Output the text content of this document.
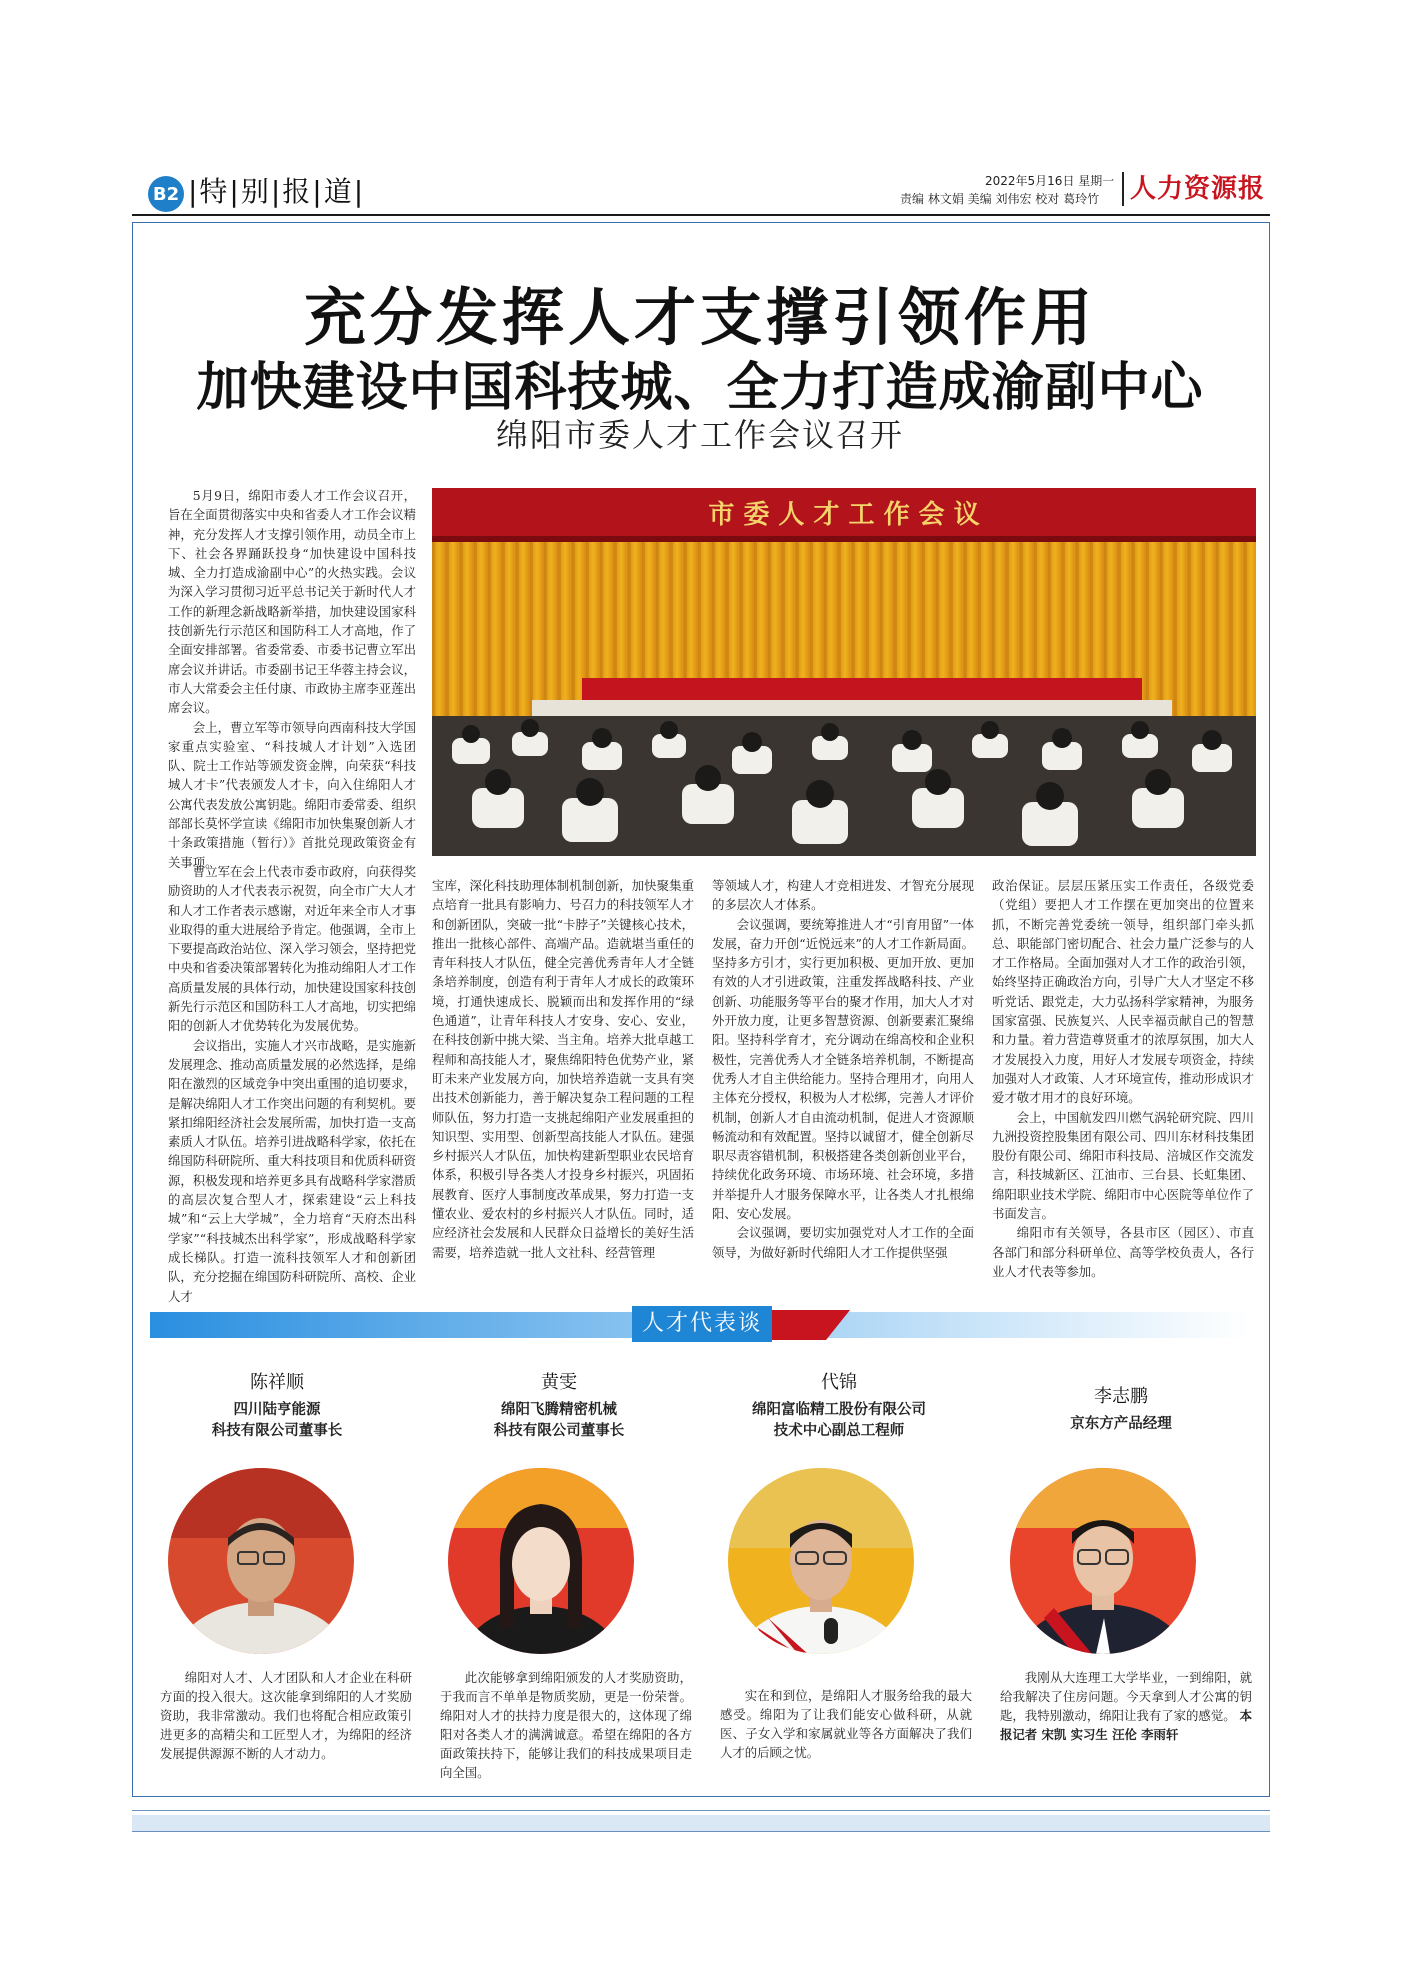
B2 |特|别|报|道|	2022年5月16日 星期一
责编 林文娟 美编 刘伟宏 校对 葛玲竹 人力资源报
充分发挥人才支撑引领作用
加快建设中国科技城、全力打造成渝副中心
绵阳市委人才工作会议召开

5月9日，绵阳市委人才工作会议召开，旨在全面贯彻落实中央和省委人才工作会议精神，充分发挥人才支撑引领作用，动员全市上下、社会各界踊跃投身“加快建设中国科技城、全力打造成渝副中心”的火热实践。会议为深入学习贯彻习近平总书记关于新时代人才工作的新理念新战略新举措，加快建设国家科技创新先行示范区和国防科工人才高地，作了全面安排部署。省委常委、市委书记曹立军出席会议并讲话。市委副书记王华蓉主持会议，市人大常委会主任付康、市政协主席李亚莲出席会议。

会上，曹立军等市领导向西南科技大学国家重点实验室、“科技城人才计划”入选团队、院士工作站等颁发资金牌，向荣获“科技城人才卡”代表颁发人才卡，向入住绵阳人才公寓代表发放公寓钥匙。绵阳市委常委、组织部部长莫怀学宣读《绵阳市加快集聚创新人才十条政策措施（暂行）》首批兑现政策资金有关事项。

市 委 人 才 工 作 会 议

曹立军在会上代表市委市政府，向获得奖励资助的人才代表表示祝贺，向全市广大人才和人才工作者表示感谢，对近年来全市人才事业取得的重大进展给予肯定。他强调，全市上下要提高政治站位、深入学习领会，坚持把党中央和省委决策部署转化为推动绵阳人才工作高质量发展的具体行动，加快建设国家科技创新先行示范区和国防科工人才高地，切实把绵阳的创新人才优势转化为发展优势。

会议指出，实施人才兴市战略，是实施新发展理念、推动高质量发展的必然选择，是绵阳在激烈的区域竞争中突出重围的追切要求，是解决绵阳人才工作突出问题的有利契机。要紧扣绵阳经济社会发展所需，加快打造一支高素质人才队伍。培养引进战略科学家，依托在绵国防科研院所、重大科技项目和优质科研资源，积极发现和培养更多具有战略科学家潜质的高层次复合型人才，探索建设“云上科技城”和“云上大学城”，全力培育“天府杰出科学家”“科技城杰出科学家”，形成战略科学家成长梯队。打造一流科技领军人才和创新团队，充分挖掘在绵国防科研院所、高校、企业人才

宝库，深化科技助理体制机制创新，加快聚集重点培育一批具有影响力、号召力的科技领军人才和创新团队，突破一批“卡脖子”关键核心技术，推出一批核心部件、高端产品。造就堪当重任的青年科技人才队伍，健全完善优秀青年人才全链条培养制度，创造有利于青年人才成长的政策环境，打通快速成长、脱颖而出和发挥作用的“绿色通道”，让青年科技人才安身、安心、安业，在科技创新中挑大梁、当主角。培养大批卓越工程师和高技能人才，聚焦绵阳特色优势产业，紧盯未来产业发展方向，加快培养造就一支具有突出技术创新能力，善于解决复杂工程问题的工程师队伍，努力打造一支挑起绵阳产业发展重担的知识型、实用型、创新型高技能人才队伍。建强乡村振兴人才队伍，加快构建新型职业农民培育体系，积极引导各类人才投身乡村振兴，巩固拓展教育、医疗人事制度改革成果，努力打造一支懂农业、爱农村的乡村振兴人才队伍。同时，适应经济社会发展和人民群众日益增长的美好生活需要，培养造就一批人文社科、经营管理

等领域人才，构建人才竞相进发、才智充分展现的多层次人才体系。

会议强调，要统筹推进人才“引育用留”一体发展，奋力开创“近悦远来”的人才工作新局面。坚持多方引才，实行更加积极、更加开放、更加有效的人才引进政策，注重发挥战略科技、产业创新、功能服务等平台的聚才作用，加大人才对外开放力度，让更多智慧资源、创新要素汇聚绵阳。坚持科学育才，充分调动在绵高校和企业积极性，完善优秀人才全链条培养机制，不断提高优秀人才自主供给能力。坚持合理用才，向用人主体充分授权，积极为人才松绑，完善人才评价机制，创新人才自由流动机制，促进人才资源顺畅流动和有效配置。坚持以诚留才，健全创新尽职尽责容错机制，积极搭建各类创新创业平台，持续优化政务环境、市场环境、社会环境，多措并举提升人才服务保障水平，让各类人才扎根绵阳、安心发展。

会议强调，要切实加强党对人才工作的全面领导，为做好新时代绵阳人才工作提供坚强

政治保证。层层压紧压实工作责任，各级党委（党组）要把人才工作摆在更加突出的位置来抓，不断完善党委统一领导，组织部门牵头抓总、职能部门密切配合、社会力量广泛参与的人才工作格局。全面加强对人才工作的政治引领，始终坚持正确政治方向，引导广大人才坚定不移听党话、跟党走，大力弘扬科学家精神，为服务国家富强、民族复兴、人民幸福贡献自己的智慧和力量。着力营造尊贤重才的浓厚氛围，加大人才发展投入力度，用好人才发展专项资金，持续加强对人才政策、人才环境宣传，推动形成识才爱才敬才用才的良好环境。

会上，中国航发四川燃气涡轮研究院、四川九洲投资控股集团有限公司、四川东材科技集团股份有限公司、绵阳市科技局、涪城区作交流发言，科技城新区、江油市、三台县、长虹集团、绵阳职业技术学院、绵阳市中心医院等单位作了书面发言。

绵阳市有关领导，各县市区（园区）、市直各部门和部分科研单位、高等学校负责人，各行业人才代表等参加。

人才代表谈
陈祥顺
四川陆亨能源
科技有限公司董事长
黄雯
绵阳飞腾精密机械
科技有限公司董事长
代锦
绵阳富临精工股份有限公司
技术中心副总工程师
李志鹏
京东方产品经理
绵阳对人才、人才团队和人才企业在科研方面的投入很大。这次能拿到绵阳的人才奖励资助，我非常激动。我们也将配合相应政策引进更多的高精尖和工匠型人才，为绵阳的经济发展提供源源不断的人才动力。
此次能够拿到绵阳颁发的人才奖励资助，于我而言不单单是物质奖励，更是一份荣誉。绵阳对人才的扶持力度是很大的，这体现了绵阳对各类人才的满满诚意。希望在绵阳的各方面政策扶持下，能够让我们的科技成果项目走向全国。
实在和到位，是绵阳人才服务给我的最大感受。绵阳为了让我们能安心做科研，从就医、子女入学和家属就业等各方面解决了我们人才的后顾之忧。
我刚从大连理工大学毕业，一到绵阳，就给我解决了住房问题。今天拿到人才公寓的钥匙，我特别激动，绵阳让我有了家的感觉。 本报记者 宋凯 实习生 汪伦 李雨轩
